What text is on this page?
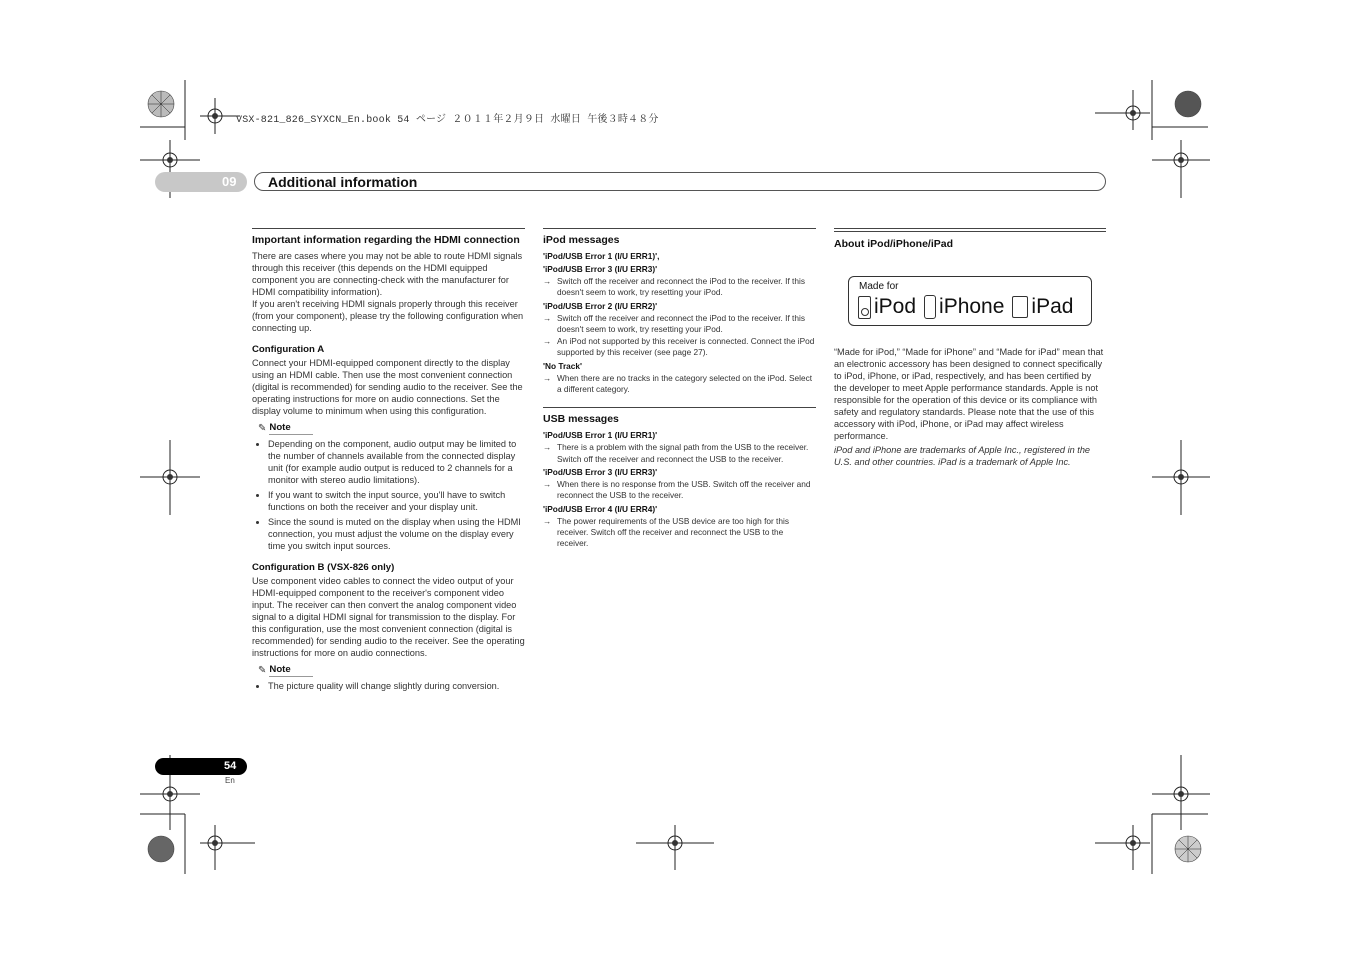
VSX-821_826_SYXCN_En.book 54 ページ ２０１１年２月９日 水曜日 午後３時４８分
09 Additional information
Important information regarding the HDMI connection

There are cases where you may not be able to route HDMI signals through this receiver (this depends on the HDMI equipped component you are connecting-check with the manufacturer for HDMI compatibility information).

If you aren't receiving HDMI signals properly through this receiver (from your component), please try the following configuration when connecting up.

Configuration A

Connect your HDMI-equipped component directly to the display using an HDMI cable. Then use the most convenient connection (digital is recommended) for sending audio to the receiver. See the operating instructions for more on audio connections. Set the display volume to minimum when using this configuration.

✎ Note
• Depending on the component, audio output may be limited to the number of channels available from the connected display unit (for example audio output is reduced to 2 channels for a monitor with stereo audio limitations).
• If you want to switch the input source, you'll have to switch functions on both the receiver and your display unit.
• Since the sound is muted on the display when using the HDMI connection, you must adjust the volume on the display every time you switch input sources.
Configuration B (VSX-826 only)

Use component video cables to connect the video output of your HDMI-equipped component to the receiver's component video input. The receiver can then convert the analog component video signal to a digital HDMI signal for transmission to the display. For this configuration, use the most convenient connection (digital is recommended) for sending audio to the receiver. See the operating instructions for more on audio connections.

✎ Note
• The picture quality will change slightly during conversion.
iPod messages

'iPod/USB Error 1 (I/U ERR1)',

'iPod/USB Error 3 (I/U ERR3)'

→ Switch off the receiver and reconnect the iPod to the receiver. If this doesn't seem to work, try resetting your iPod.

'iPod/USB Error 2 (I/U ERR2)'

→ Switch off the receiver and reconnect the iPod to the receiver. If this doesn't seem to work, try resetting your iPod.
→ An iPod not supported by this receiver is connected. Connect the iPod supported by this receiver (see page 27).

'No Track'

→ When there are no tracks in the category selected on the iPod. Select a different category.
USB messages

'iPod/USB Error 1 (I/U ERR1)'

→ There is a problem with the signal path from the USB to the receiver. Switch off the receiver and reconnect the USB to the receiver.

'iPod/USB Error 3 (I/U ERR3)'

→ When there is no response from the USB. Switch off the receiver and reconnect the USB to the receiver.

'iPod/USB Error 4 (I/U ERR4)'

→ The power requirements of the USB device are too high for this receiver. Switch off the receiver and reconnect the USB to the receiver.
About iPod/iPhone/iPad
Made for
iPod iPhone iPad

“Made for iPod,” “Made for iPhone” and “Made for iPad” mean that an electronic accessory has been designed to connect specifically to iPod, iPhone, or iPad, respectively, and has been certified by the developer to meet Apple performance standards. Apple is not responsible for the operation of this device or its compliance with safety and regulatory standards. Please note that the use of this accessory with iPod, iPhone, or iPad may affect wireless performance.

iPod and iPhone are trademarks of Apple Inc., registered in the U.S. and other countries. iPad is a trademark of Apple Inc.

54
En
